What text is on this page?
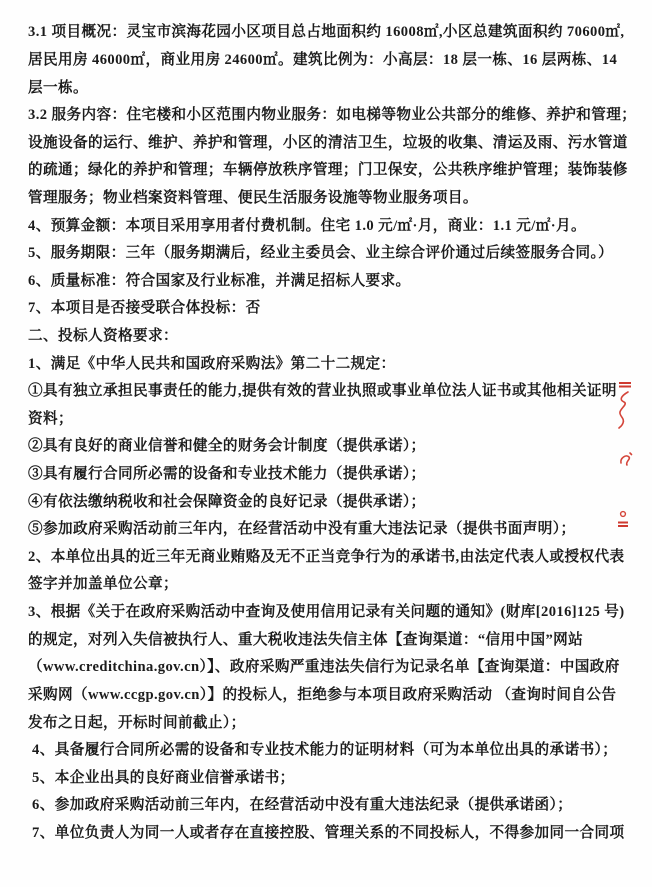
3.1 项目概况：灵宝市滨海花园小区项目总占地面积约 16008㎡,小区总建筑面积约 70600㎡,
居民用房 46000㎡，商业用房 24600㎡。建筑比例为：小高层：18 层一栋、16 层两栋、14
层一栋。
3.2 服务内容：住宅楼和小区范围内物业服务：如电梯等物业公共部分的维修、养护和管理；
设施设备的运行、维护、养护和管理，小区的清洁卫生，垃圾的收集、清运及雨、污水管道
的疏通；绿化的养护和管理；车辆停放秩序管理；门卫保安，公共秩序维护管理；装饰装修
管理服务；物业档案资料管理、便民生活服务设施等物业服务项目。
4、预算金额：本项目采用享用者付费机制。住宅 1.0 元/㎡·月，商业：1.1 元/㎡·月。
5、服务期限：三年（服务期满后，经业主委员会、业主综合评价通过后续签服务合同。）
6、质量标准：符合国家及行业标准，并满足招标人要求。
7、本项目是否接受联合体投标：否
二、投标人资格要求：
1、满足《中华人民共和国政府采购法》第二十二规定：
①具有独立承担民事责任的能力,提供有效的营业执照或事业单位法人证书或其他相关证明
资料；
②具有良好的商业信誉和健全的财务会计制度（提供承诺）；
③具有履行合同所必需的设备和专业技术能力（提供承诺）；
④有依法缴纳税收和社会保障资金的良好记录（提供承诺）；
⑤参加政府采购活动前三年内，在经营活动中没有重大违法记录（提供书面声明）；
2、本单位出具的近三年无商业贿赂及无不正当竞争行为的承诺书,由法定代表人或授权代表
签字并加盖单位公章；
3、根据《关于在政府采购活动中查询及使用信用记录有关问题的通知》(财库[2016]125 号)
的规定，对列入失信被执行人、重大税收违法失信主体【查询渠道：“信用中国”网站
（www.creditchina.gov.cn）】、政府采购严重违法失信行为记录名单【查询渠道：中国政府
采购网（www.ccgp.gov.cn）】的投标人，拒绝参与本项目政府采购活动 （查询时间自公告
发布之日起，开标时间前截止）；
4、具备履行合同所必需的设备和专业技术能力的证明材料（可为本单位出具的承诺书）；
5、本企业出具的良好商业信誉承诺书；
6、参加政府采购活动前三年内，在经营活动中没有重大违法纪录（提供承诺函）；
7、单位负责人为同一人或者存在直接控股、管理关系的不同投标人，不得参加同一合同项
